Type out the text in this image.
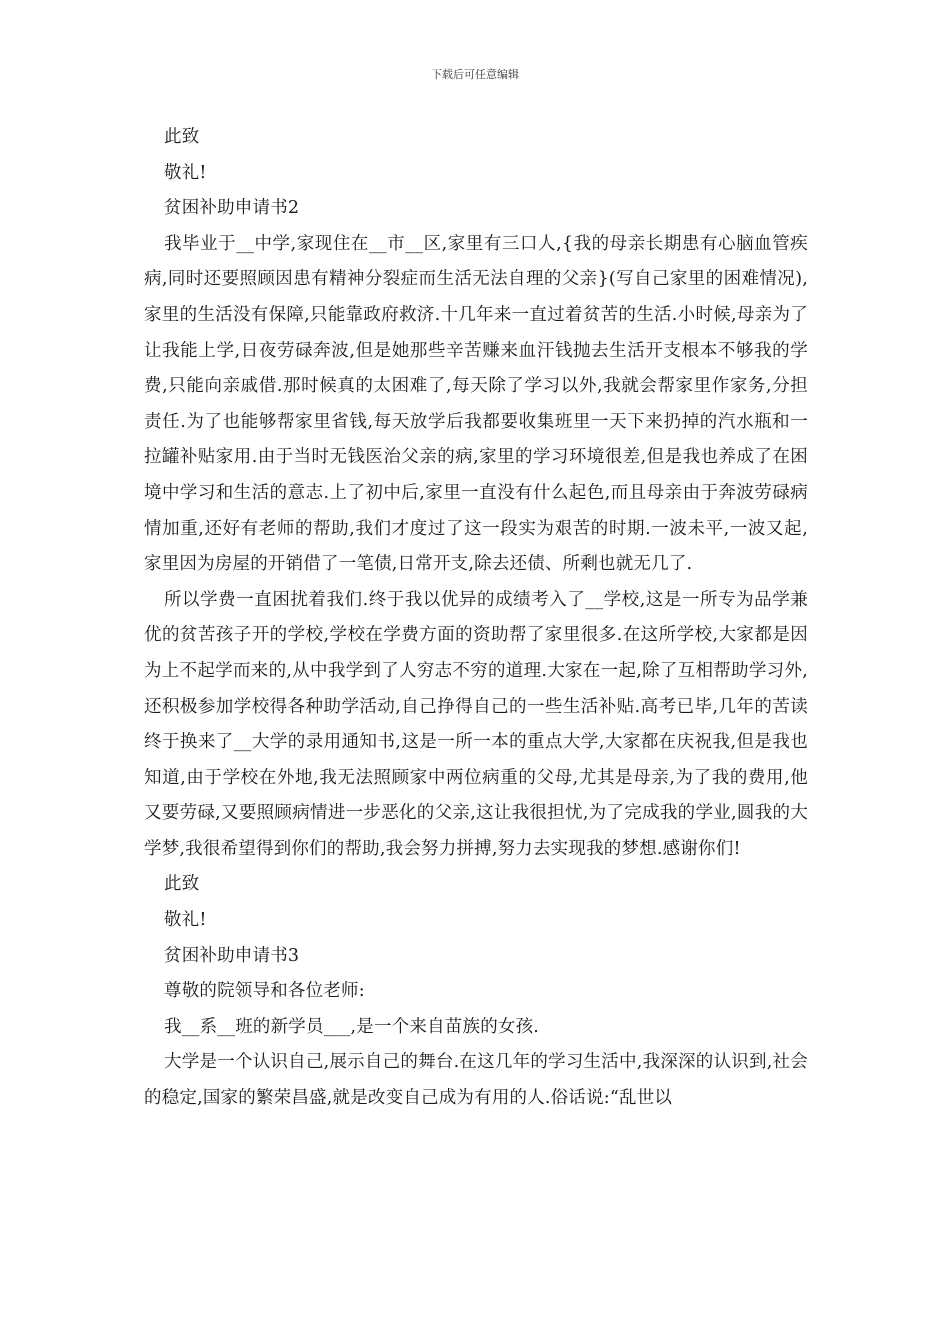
下载后可任意编辑

此致

敬礼!

贫困补助申请书2

我毕业于__中学,家现住在__市__区,家里有三口人,{我的母亲长期患有心脑血管疾病,同时还要照顾因患有精神分裂症而生活无法自理的父亲}(写自己家里的困难情况),家里的生活没有保障,只能靠政府救济.十几年来一直过着贫苦的生活.小时候,母亲为了让我能上学,日夜劳碌奔波,但是她那些辛苦赚来血汗钱抛去生活开支根本不够我的学费,只能向亲戚借.那时候真的太困难了,每天除了学习以外,我就会帮家里作家务,分担责任.为了也能够帮家里省钱,每天放学后我都要收集班里一天下来扔掉的汽水瓶和一拉罐补贴家用.由于当时无钱医治父亲的病,家里的学习环境很差,但是我也养成了在困境中学习和生活的意志.上了初中后,家里一直没有什么起色,而且母亲由于奔波劳碌病情加重,还好有老师的帮助,我们才度过了这一段实为艰苦的时期.一波未平,一波又起,家里因为房屋的开销借了一笔债,日常开支,除去还债、所剩也就无几了.

所以学费一直困扰着我们.终于我以优异的成绩考入了__学校,这是一所专为品学兼优的贫苦孩子开的学校,学校在学费方面的资助帮了家里很多.在这所学校,大家都是因为上不起学而来的,从中我学到了人穷志不穷的道理.大家在一起,除了互相帮助学习外,还积极参加学校得各种助学活动,自己挣得自己的一些生活补贴.高考已毕,几年的苦读终于换来了__大学的录用通知书,这是一所一本的重点大学,大家都在庆祝我,但是我也知道,由于学校在外地,我无法照顾家中两位病重的父母,尤其是母亲,为了我的费用,他又要劳碌,又要照顾病情进一步恶化的父亲,这让我很担忧,为了完成我的学业,圆我的大学梦,我很希望得到你们的帮助,我会努力拼搏,努力去实现我的梦想.感谢你们!

此致

敬礼!

贫困补助申请书3

尊敬的院领导和各位老师:

我__系__班的新学员___,是一个来自苗族的女孩.

大学是一个认识自己,展示自己的舞台.在这几年的学习生活中,我深深的认识到,社会的稳定,国家的繁荣昌盛,就是改变自己成为有用的人.俗话说:“乱世以
